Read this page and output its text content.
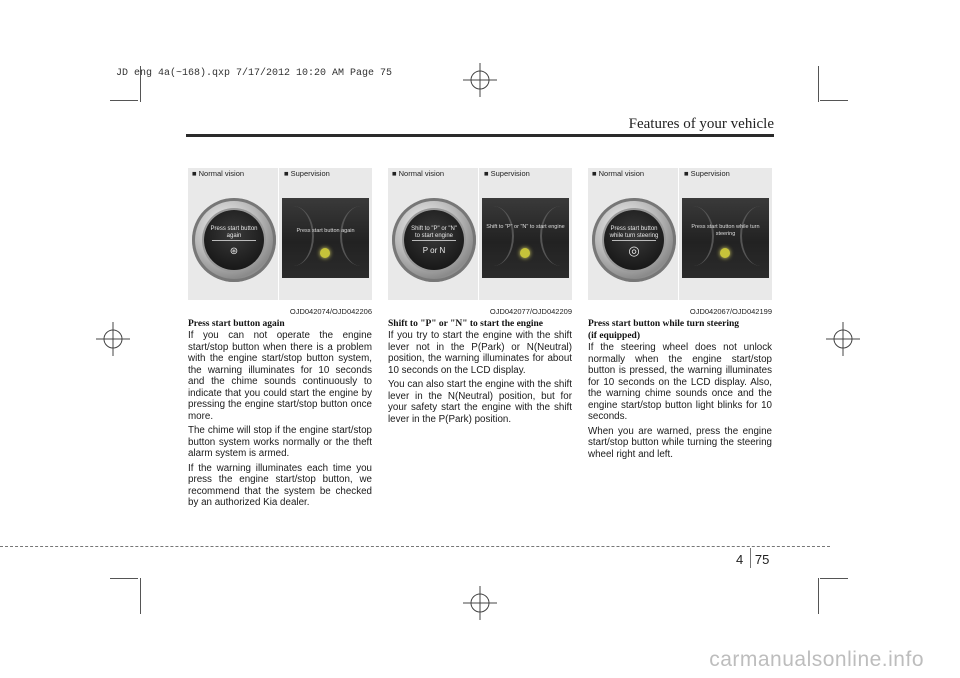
JD eng 4a(~168).qxp 7/17/2012 10:20 AM Page 75
Features of your vehicle
■ Normal vision
Press start button again
⊛
■ Supervision
Press start button again
OJD042074/OJD042206
Press start button again

If you can not operate the engine start/stop button when there is a problem with the engine start/stop button system, the warning illuminates for 10 seconds and the chime sounds continuously to indicate that you could start the engine by pressing the engine start/stop button once more.

The chime will stop if the engine start/stop button system works normally or the theft alarm system is armed.

If the warning illuminates each time you press the engine start/stop button, we recommend that the system be checked by an authorized Kia dealer.

■ Normal vision
Shift to "P" or "N" to start engine
P or N
■ Supervision
Shift to "P" or "N" to start engine
OJD042077/OJD042209
Shift to "P" or "N" to start the engine

If you try to start the engine with the shift lever not in the P(Park) or N(Neutral) position, the warning illuminates for about 10 seconds on the LCD display.

You can also start the engine with the shift lever in the N(Neutral) position, but for your safety start the engine with the shift lever in the P(Park) position.

■ Normal vision
Press start button while turn steering
◎
■ Supervision
Press start button while turn steering
OJD042067/OJD042199
Press start button while turn steering
(if equipped)

If the steering wheel does not unlock normally when the engine start/stop button is pressed, the warning illuminates for 10 seconds on the LCD display. Also, the warning chime sounds once and the engine start/stop button light blinks for 10 seconds.

When you are warned, press the engine start/stop button while turning the steering wheel right and left.

4 75
carmanualsonline.info
